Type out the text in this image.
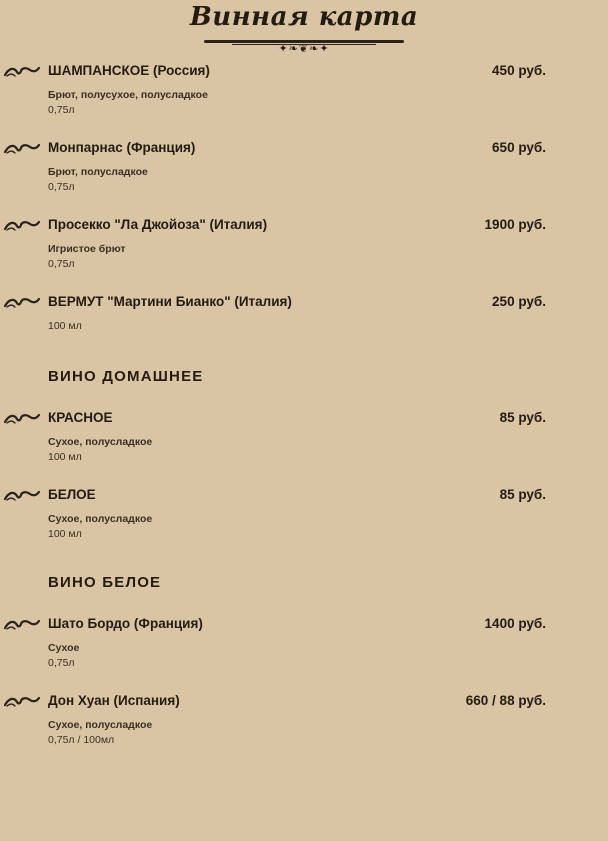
Винная карта
✦❧❦❧✦
ШАМПАНСКОЕ (Россия)	450 руб.
Брют, полусухое, полусладкое
0,75л
Монпарнас (Франция)	650 руб.
Брют, полусладкое
0,75л
Просекко "Ла Джойоза" (Италия)	1900 руб.
Игристое брют
0,75л
ВЕРМУТ "Мартини Бианко" (Италия)	250 руб.
100 мл
ВИНО ДОМАШНЕЕ
КРАСНОЕ	85 руб.
Сухое, полусладкое
100 мл
БЕЛОЕ	85 руб.
Сухое, полусладкое
100 мл
ВИНО БЕЛОЕ
Шато Бордо (Франция)	1400 руб.
Сухое
0,75л
Дон Хуан (Испания)	660 / 88 руб.
Сухое, полусладкое
0,75л / 100мл
